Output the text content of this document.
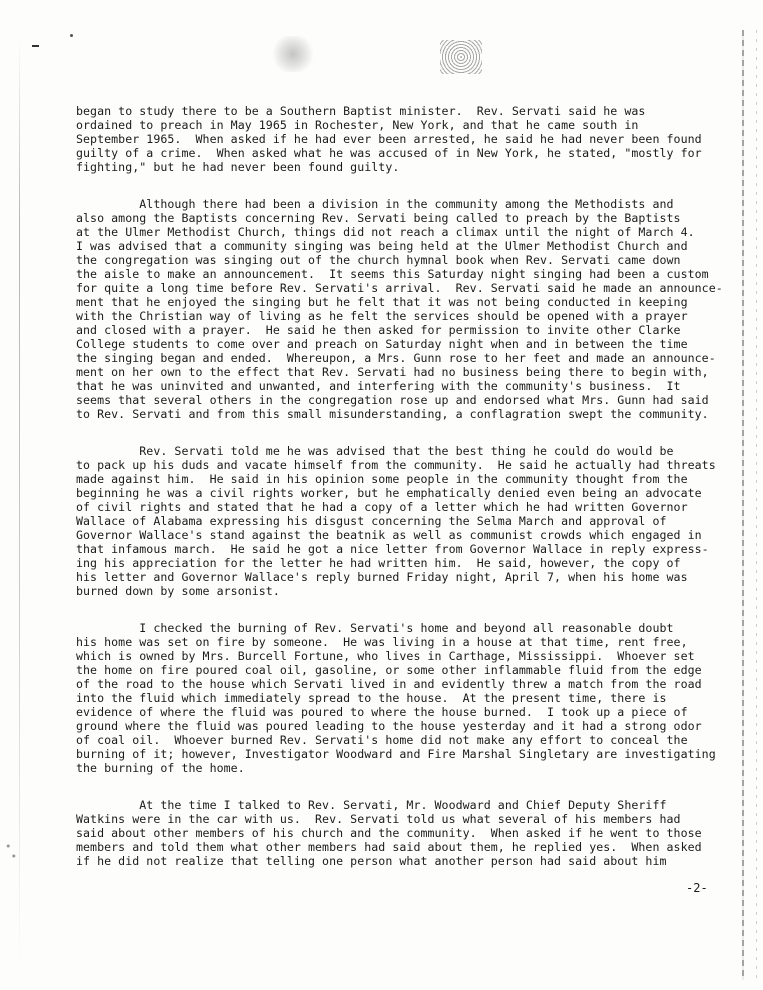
began to study there to be a Southern Baptist minister.  Rev. Servati said he was
ordained to preach in May 1965 in Rochester, New York, and that he came south in
September 1965.  When asked if he had ever been arrested, he said he had never been found
guilty of a crime.  When asked what he was accused of in New York, he stated, "mostly for
fighting," but he had never been found guilty.
Although there had been a division in the community among the Methodists and
also among the Baptists concerning Rev. Servati being called to preach by the Baptists
at the Ulmer Methodist Church, things did not reach a climax until the night of March 4.
I was advised that a community singing was being held at the Ulmer Methodist Church and
the congregation was singing out of the church hymnal book when Rev. Servati came down
the aisle to make an announcement.  It seems this Saturday night singing had been a custom
for quite a long time before Rev. Servati's arrival.  Rev. Servati said he made an announce-
ment that he enjoyed the singing but he felt that it was not being conducted in keeping
with the Christian way of living as he felt the services should be opened with a prayer
and closed with a prayer.  He said he then asked for permission to invite other Clarke
College students to come over and preach on Saturday night when and in between the time
the singing began and ended.  Whereupon, a Mrs. Gunn rose to her feet and made an announce-
ment on her own to the effect that Rev. Servati had no business being there to begin with,
that he was uninvited and unwanted, and interfering with the community's business.  It
seems that several others in the congregation rose up and endorsed what Mrs. Gunn had said
to Rev. Servati and from this small misunderstanding, a conflagration swept the community.
Rev. Servati told me he was advised that the best thing he could do would be
to pack up his duds and vacate himself from the community.  He said he actually had threats
made against him.  He said in his opinion some people in the community thought from the
beginning he was a civil rights worker, but he emphatically denied even being an advocate
of civil rights and stated that he had a copy of a letter which he had written Governor
Wallace of Alabama expressing his disgust concerning the Selma March and approval of
Governor Wallace's stand against the beatnik as well as communist crowds which engaged in
that infamous march.  He said he got a nice letter from Governor Wallace in reply express-
ing his appreciation for the letter he had written him.  He said, however, the copy of
his letter and Governor Wallace's reply burned Friday night, April 7, when his home was
burned down by some arsonist.
I checked the burning of Rev. Servati's home and beyond all reasonable doubt
his home was set on fire by someone.  He was living in a house at that time, rent free,
which is owned by Mrs. Burcell Fortune, who lives in Carthage, Mississippi.  Whoever set
the home on fire poured coal oil, gasoline, or some other inflammable fluid from the edge
of the road to the house which Servati lived in and evidently threw a match from the road
into the fluid which immediately spread to the house.  At the present time, there is
evidence of where the fluid was poured to where the house burned.  I took up a piece of
ground where the fluid was poured leading to the house yesterday and it had a strong odor
of coal oil.  Whoever burned Rev. Servati's home did not make any effort to conceal the
burning of it; however, Investigator Woodward and Fire Marshal Singletary are investigating
the burning of the home.
At the time I talked to Rev. Servati, Mr. Woodward and Chief Deputy Sheriff
Watkins were in the car with us.  Rev. Servati told us what several of his members had
said about other members of his church and the community.  When asked if he went to those
members and told them what other members had said about them, he replied yes.  When asked
if he did not realize that telling one person what another person had said about him
-2-
